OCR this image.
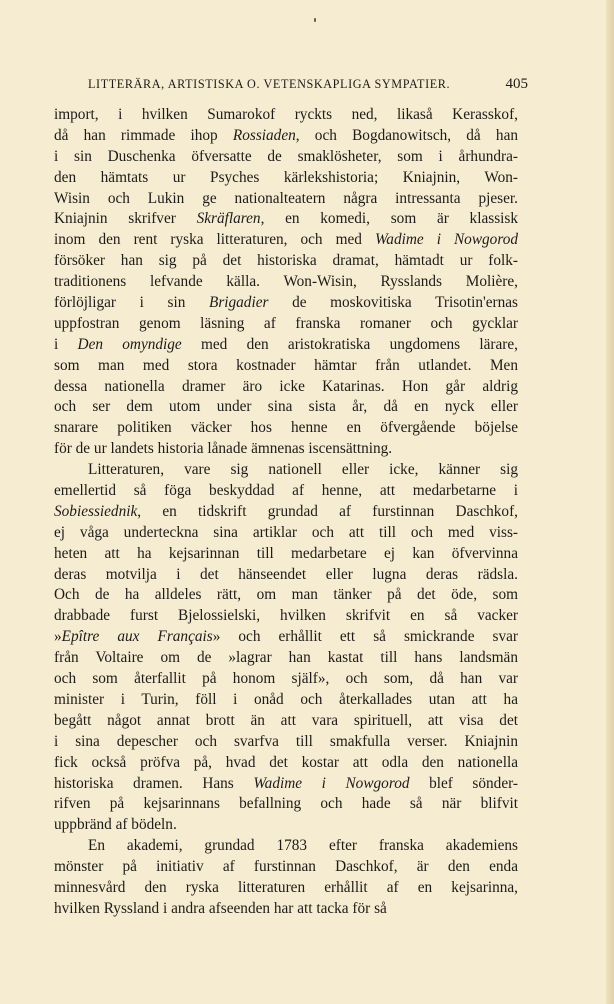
LITTERÄRA, ARTISTISKA O. VETENSKAPLIGA SYMPATIER.	405
import, i hvilken Sumarokof ryckts ned, likaså Kerasskof,
då han rimmade ihop Rossiaden, och Bogdanowitsch, då han
i sin Duschenka öfversatte de smaklösheter, som i århundra-
den hämtats ur Psyches kärlekshistoria; Kniajnin, Won-
Wisin och Lukin ge nationalteatern några intressanta pjeser.
Kniajnin skrifver Skräflaren, en komedi, som är klassisk
inom den rent ryska litteraturen, och med Wadime i Nowgorod
försöker han sig på det historiska dramat, hämtadt ur folk-
traditionens lefvande källa. Won-Wisin, Rysslands Molière,
förlöjligar i sin Brigadier de moskovitiska Trisotin'ernas
uppfostran genom läsning af franska romaner och gycklar
i Den omyndige med den aristokratiska ungdomens lärare,
som man med stora kostnader hämtar från utlandet. Men
dessa nationella dramer äro icke Katarinas. Hon går aldrig
och ser dem utom under sina sista år, då en nyck eller
snarare politiken väcker hos henne en öfvergående böjelse
för de ur landets historia lånade ämnenas iscensättning.
Litteraturen, vare sig nationell eller icke, känner sig
emellertid så föga beskyddad af henne, att medarbetarne i
Sobiessiednik, en tidskrift grundad af furstinnan Daschkof,
ej våga underteckna sina artiklar och att till och med viss-
heten att ha kejsarinnan till medarbetare ej kan öfvervinna
deras motvilja i det hänseendet eller lugna deras rädsla.
Och de ha alldeles rätt, om man tänker på det öde, som
drabbade furst Bjelossielski, hvilken skrifvit en så vacker
»Epître aux Français» och erhållit ett så smickrande svar
från Voltaire om de »lagrar han kastat till hans landsmän
och som återfallit på honom själf», och som, då han var
minister i Turin, föll i onåd och återkallades utan att ha
begått något annat brott än att vara spirituell, att visa det
i sina depescher och svarfva till smakfulla verser. Kniajnin
fick också pröfva på, hvad det kostar att odla den nationella
historiska dramen. Hans Wadime i Nowgorod blef sönder-
rifven på kejsarinnans befallning och hade så när blifvit
uppbränd af bödeln.
En akademi, grundad 1783 efter franska akademiens
mönster på initiativ af furstinnan Daschkof, är den enda
minnesvård den ryska litteraturen erhållit af en kejsarinna,
hvilken Ryssland i andra afseenden har att tacka för så
